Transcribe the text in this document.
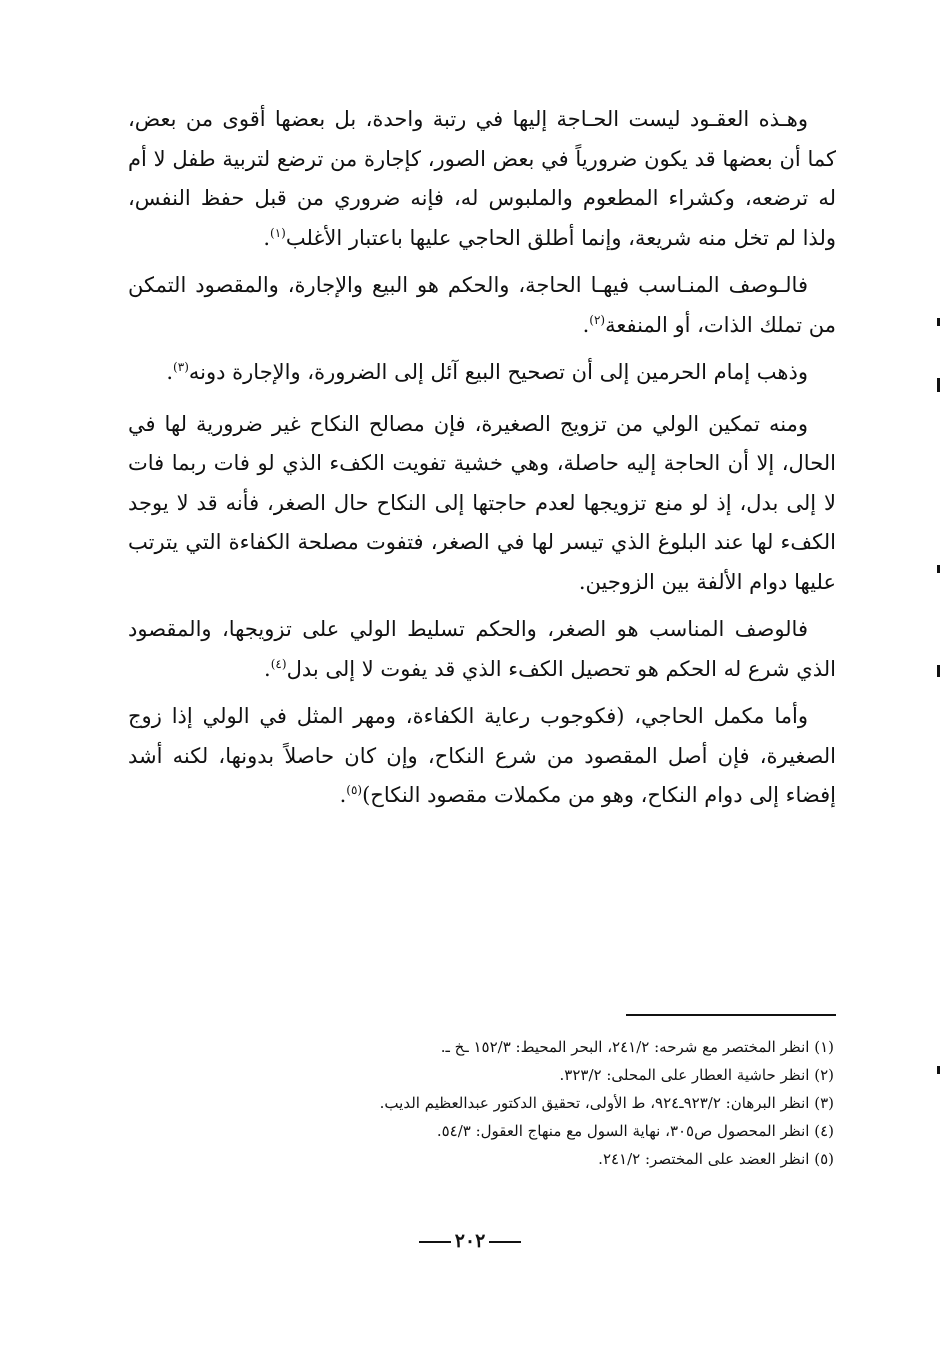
وهـذه العقـود ليست الحـاجة إليها في رتبة واحدة، بل بعضها أقوى من بعض، كما أن بعضها قد يكون ضرورياً في بعض الصور، كإجارة من ترضع لتربية طفل لا أم له ترضعه، وكشراء المطعوم والملبوس له، فإنه ضروري من قبل حفظ النفس، ولذا لم تخل منه شريعة، وإنما أطلق الحاجي عليها باعتبار الأغلب$^{(١)}$.

فالـوصف المنـاسب فيهـا الحاجة، والحكم هو البيع والإجارة، والمقصود التمكن من تملك الذات، أو المنفعة$^{(٢)}$.

وذهب إمام الحرمين إلى أن تصحيح البيع آئل إلى الضرورة، والإجارة دونه$^{(٣)}$.

ومنه تمكين الولي من تزويج الصغيرة، فإن مصالح النكاح غير ضرورية لها في الحال، إلا أن الحاجة إليه حاصلة، وهي خشية تفويت الكفء الذي لو فات ربما فات لا إلى بدل، إذ لو منع تزويجها لعدم حاجتها إلى النكاح حال الصغر، فأنه قد لا يوجد الكفء لها عند البلوغ الذي تيسر لها في الصغر، فتفوت مصلحة الكفاءة التي يترتب عليها دوام الألفة بين الزوجين.

فالوصف المناسب هو الصغر، والحكم تسليط الولي على تزويجها، والمقصود الذي شرع له الحكم هو تحصيل الكفء الذي قد يفوت لا إلى بدل$^{(٤)}$.

وأما مكمل الحاجي، (فكوجوب رعاية الكفاءة، ومهر المثل في الولي إذا زوج الصغيرة، فإن أصل المقصود من شرع النكاح، وإن كان حاصلاً بدونها، لكنه أشد إفضاء إلى دوام النكاح، وهو من مكملات مقصود النكاح)$^{(٥)}$.

(١) انظر المختصر مع شرحه: ٢٤١/٢، البحر المحيط: ١٥٢/٣ ـخ ـ.

(٢) انظر حاشية العطار على المحلى: ٣٢٣/٢.

(٣) انظر البرهان: ٩٢٣/٢ـ٩٢٤، ط الأولى، تحقيق الدكتور عبدالعظيم الديب.

(٤) انظر المحصول ص٣٠٥، نهاية السول مع منهاج العقول: ٥٤/٣.

(٥) انظر العضد على المختصر: ٢٤١/٢.

٢٠٢
